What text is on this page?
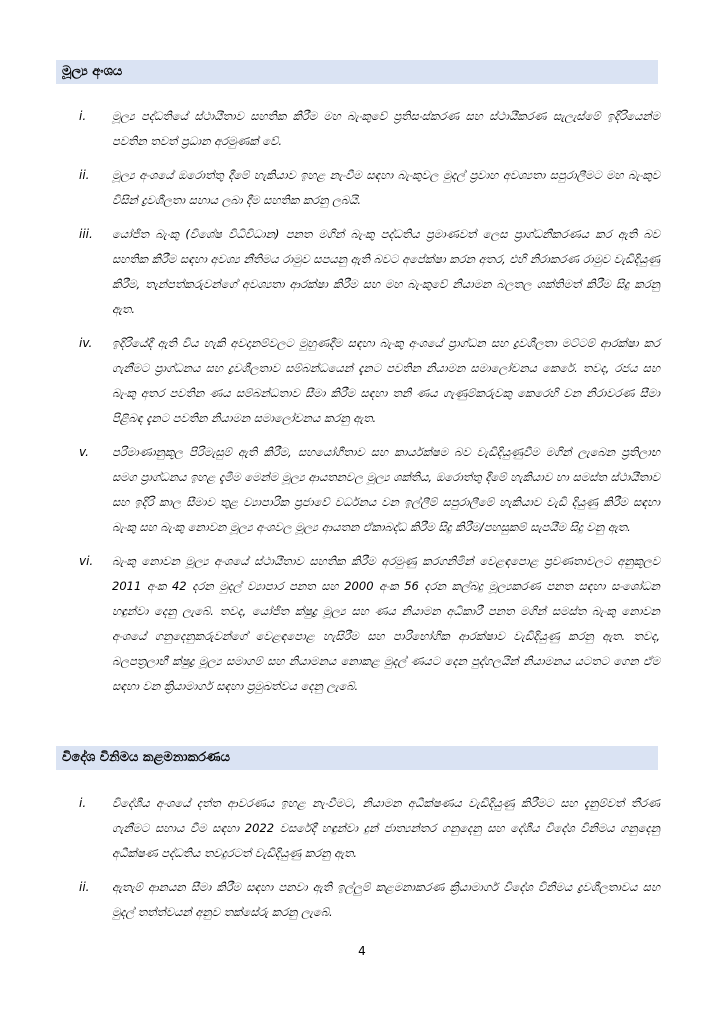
මූල්‍ය අංශය
i. මූල්‍ය පද්ධතියේ ස්ථායීතාව සහතික කිරීම මහ බැංකුවේ ප්‍රතිසංස්කරණ සහ ස්ථායීකරණ සැලැස්මේ ඉදිරියෙන්ම පවතින තවත් ප්‍රධාන අරමුණක් වේ.
ii. මූල්‍ය අංශයේ ඔරොත්තු දීමේ හැකියාව ඉහළ නැංවීම සඳහා බැංකුවල මුදල් ප්‍රවාහ අවශ්‍යතා සපුරාලීමට මහ බැංකුව විසින් ද්‍රවශීලතා සහාය ලබා දීම සහතික කරනු ලබයි.
iii. යෝජිත බැංකු (විශේෂ විධිවිධාන) පනත මගින් බැංකු පද්ධතිය ප්‍රමාණවත් ලෙස ප්‍රාග්ධනීකරණය කර ඇති බව සහතික කිරීම සඳහා අවශ්‍ය නීතිමය රාමුව සපයනු ඇති බවට අපේක්ෂා කරන අතර, එහි නිරාකරණ රාමුව වැඩිදියුණු කිරීම, තැන්පත්කරුවන්ගේ අවශ්‍යතා ආරක්ෂා කිරීම සහ මහ බැංකුවේ නියාමන බලතල ශක්තිමත් කිරීම සිදු කරනු ඇත.
iv. ඉදිරියේදී ඇති විය හැකි අවදානම්වලට මුහුණදීම සඳහා බැංකු අංශයේ ප්‍රාග්ධන සහ ද්‍රවශීලතා මට්ටම් ආරක්ෂා කර ගැනීමට ප්‍රාග්ධනය සහ ද්‍රවශීලතාව සම්බන්ධයෙන් දැනට පවතින නියාමන සමාලෝචනය කෙරේ. තවද, රජය සහ බැංකු අතර පවතින ණය සම්බන්ධතාව සීමා කිරීම සඳහා තනි ණය ගැණුම්කරුවකු කෙරෙහි වන නිරාවරණ සීමා පිළිබඳ දැනට පවතින නියාමන සමාලෝචනය කරනු ඇත.
v. පරිමාණානුකූල පිරිමැසුම් ඇති කිරීම, සහයෝගීතාව සහ කාර්යක්ෂම බව වැඩිදියුණුවීම මගින් ලැබෙන ප්‍රතිලාභ සමග ප්‍රාග්ධනය ඉහළ දැමීම මෙන්ම මූල්‍ය ආයතනවල මූල්‍ය ශක්තිය, ඔරොත්තු දීමේ හැකියාව හා සමස්ත ස්ථායීතාව සහ ඉදිරි කාල සීමාව තුළ ව්‍යාපාරික ප්‍රජාවේ වර්ධනය වන ඉල්ලීම් සපුරාලීමේ හැකියාව වැඩි දියුණු කිරීම සඳහා බැංකු සහ බැංකු නොවන මූල්‍ය අංශවල මූල්‍ය ආයතන ඒකාබද්ධ කිරීම සිදු කිරීම/පහසුකම් සැපයීම සිදු වනු ඇත.
vi. බැංකු නොවන මූල්‍ය අංශයේ ස්ථායීතාව සහතික කිරීම අරමුණු කරගනිමින් වෙළඳපොළ ප්‍රවණතාවලට අනුකූලව 2011 අංක 42 දරන මුදල් ව්‍යාපාර පනත සහ 2000 අංක 56 දරන කල්බදු මූල්‍යකරණ පනත සඳහා සංශෝධන හඳුන්වා දෙනු ලැබේ. තවද, යෝජිත ක්ෂුද්‍ර මූල්‍ය සහ ණය නියාමන අධිකාරී පනත මගින් සමස්ත බැංකු නොවන අංශයේ ගනුදෙනුකරුවන්ගේ වෙළඳපොළ හැසිරීම සහ පාරිභෝගික ආරක්ෂාව වැඩිදියුණු කරනු ඇත. තවද, බලපත්‍රලාභී ක්ෂුද්‍ර මූල්‍ය සමාගම් සහ නියාමනය නොකළ මුදල් ණයට දෙන පුද්ගලයින් නියාමනය යටතට ගෙන ඒම සඳහා වන ක්‍රියාමාර්ග සඳහා ප්‍රමුඛත්වය දෙනු ලැබේ.
විදේශ විනිමය කළමනාකරණය
i. විදේශීය අංශයේ දත්ත ආවරණය ඉහළ නැංවීමට, නියාමන අධීක්ෂණය වැඩිදියුණු කිරීමට සහ දැනුම්වත් තීරණ ගැනීමට සහාය වීම සඳහා 2022 වසරේදී හඳුන්වා දුන් ජාත්‍යන්තර ගනුදෙනු සහ දේශීය විදේශ විනිමය ගනුදෙනු අධීක්ෂණ පද්ධතිය තවදුරටත් වැඩිදියුණු කරනු ඇත.
ii. ඇතැම් ආනයන සීමා කිරීම සඳහා පනවා ඇති ඉල්ලුම් කළමනාකරණ ක්‍රියාමාර්ග විදේශ විනිමය ද්‍රවශීලතාවය සහ මුදල් තත්ත්වයන් අනුව තක්සේරු කරනු ලැබේ.
4
